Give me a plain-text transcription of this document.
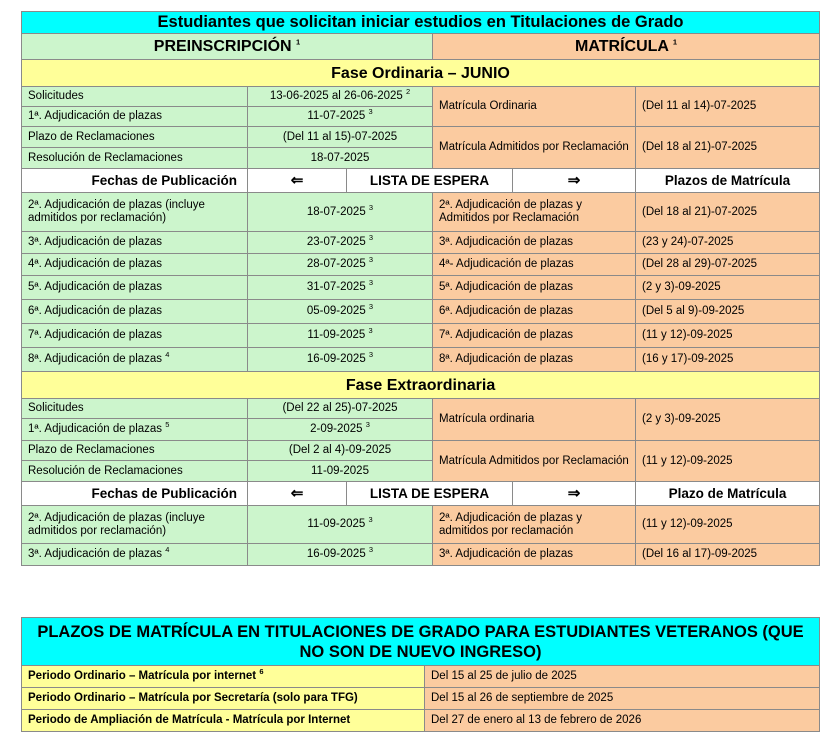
Estudiantes que solicitan iniciar estudios en Titulaciones de Grado					
PREINSCRIPCIÓN $^1$			MATRÍCULA $^1$
Fase Ordinaria – JUNIO					
Solicitudes	13-06-2025 al 26-06-2025 $^2$		Matrícula Ordinaria		(Del 11 al 14)-07-2025
1ª. Adjudicación de plazas	11-07-2025 $^3$
Plazo de Reclamaciones	(Del 11 al 15)-07-2025		Matrícula Admitidos por Reclamación		(Del 18 al 21)-07-2025
Resolución de Reclamaciones	18-07-2025				
Fechas de Publicación	⇐	LISTA DE ESPERA		⇒	Plazos de Matrícula
2ª. Adjudicación de plazas (incluye admitidos por reclamación)	18-07-2025 $^3$		2ª. Adjudicación de plazas y Admitidos por Reclamación		(Del 18 al 21)-07-2025
3ª. Adjudicación de plazas	23-07-2025 $^3$		3ª. Adjudicación de plazas		(23 y 24)-07-2025
4ª. Adjudicación de plazas	28-07-2025 $^3$		4ª- Adjudicación de plazas		(Del 28 al 29)-07-2025
5ª. Adjudicación de plazas	31-07-2025 $^3$		5ª. Adjudicación de plazas		(2 y 3)-09-2025
6ª. Adjudicación de plazas	05-09-2025 $^3$		6ª. Adjudicación de plazas		(Del 5 al 9)-09-2025
7ª. Adjudicación de plazas	11-09-2025 $^3$		7ª. Adjudicación de plazas		(11 y 12)-09-2025
8ª. Adjudicación de plazas $^4$	16-09-2025 $^3$		8ª. Adjudicación de plazas		(16 y 17)-09-2025
Fase Extraordinaria					
Solicitudes	(Del 22 al 25)-07-2025		Matrícula ordinaria		(2 y 3)-09-2025
1ª. Adjudicación de plazas $^5$	2-09-2025 $^3$
Plazo de Reclamaciones	(Del 2 al 4)-09-2025		Matrícula Admitidos por Reclamación		(11 y 12)-09-2025
Resolución de Reclamaciones	11-09-2025				
Fechas de Publicación	⇐	LISTA DE ESPERA		⇒	Plazo de Matrícula
2ª. Adjudicación de plazas (incluye admitidos por reclamación)	11-09-2025 $^3$		2ª. Adjudicación de plazas y admitidos por reclamación		(11 y 12)-09-2025
3ª. Adjudicación de plazas $^4$	16-09-2025 $^3$		3ª. Adjudicación de plazas		(Del 16 al 17)-09-2025
PLAZOS DE MATRÍCULA EN TITULACIONES DE GRADO PARA ESTUDIANTES VETERANOS (QUE NO SON DE NUEVO INGRESO)	
Periodo Ordinario – Matrícula por internet $^6$	Del 15 al 25 de julio de 2025
Periodo Ordinario – Matrícula por Secretaría (solo para TFG)	Del 15 al 26 de septiembre de 2025
Periodo de Ampliación de Matrícula - Matrícula por Internet	Del 27 de enero al 13 de febrero de 2026
